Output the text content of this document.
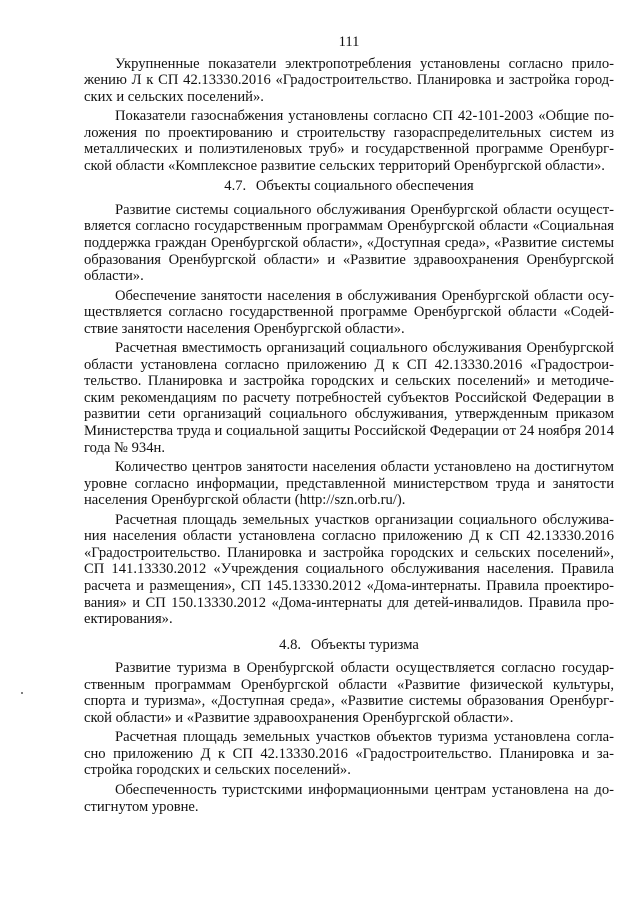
111

Укрупненные показатели электропотребления установлены согласно приложению Л к СП 42.13330.2016 «Градостроительство. Планировка и застройка городских и сельских поселений».

Показатели газоснабжения установлены согласно СП 42-101-2003 «Общие положения по проектированию и строительству газораспределительных систем из металлических и полиэтиленовых труб» и государственной программе Оренбургской области «Комплексное развитие сельских территорий Оренбургской области».

4.7. Объекты социального обеспечения

Развитие системы социального обслуживания Оренбургской области осуществляется согласно государственным программам Оренбургской области «Социальная поддержка граждан Оренбургской области», «Доступная среда», «Развитие системы образования Оренбургской области» и «Развитие здравоохранения Оренбургской области».

Обеспечение занятости населения в обслуживания Оренбургской области осуществляется согласно государственной программе Оренбургской области «Содействие занятости населения Оренбургской области».

Расчетная вместимость организаций социального обслуживания Оренбургской области установлена согласно приложению Д к СП 42.13330.2016 «Градостроительство. Планировка и застройка городских и сельских поселений» и методическим рекомендациям по расчету потребностей субъектов Российской Федерации в развитии сети организаций социального обслуживания, утвержденным приказом Министерства труда и социальной защиты Российской Федерации от 24 ноября 2014 года № 934н.

Количество центров занятости населения области установлено на достигнутом уровне согласно информации, представленной министерством труда и занятости населения Оренбургской области (http://szn.orb.ru/).

Расчетная площадь земельных участков организации социального обслуживания населения области установлена согласно приложению Д к СП 42.13330.2016 «Градостроительство. Планировка и застройка городских и сельских поселений», СП 141.13330.2012 «Учреждения социального обслуживания населения. Правила расчета и размещения», СП 145.13330.2012 «Дома-интернаты. Правила проектирования» и СП 150.13330.2012 «Дома-интернаты для детей-инвалидов. Правила проектирования».

4.8. Объекты туризма

Развитие туризма в Оренбургской области осуществляется согласно государственным программам Оренбургской области «Развитие физической культуры, спорта и туризма», «Доступная среда», «Развитие системы образования Оренбургской области» и «Развитие здравоохранения Оренбургской области».

Расчетная площадь земельных участков объектов туризма установлена согласно приложению Д к СП 42.13330.2016 «Градостроительство. Планировка и застройка городских и сельских поселений».

Обеспеченность туристскими информационными центрам установлена на достигнутом уровне.
